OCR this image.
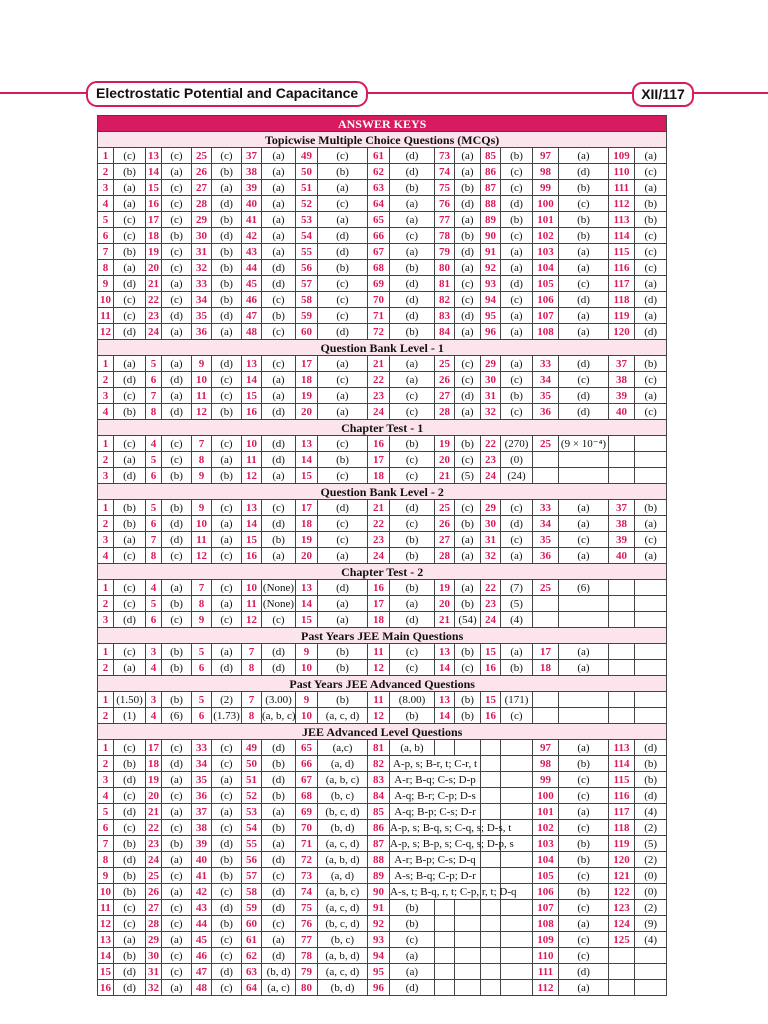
Electrostatic Potential and Capacitance	XII/117
ANSWER KEYS																			
Topicwise Multiple Choice Questions (MCQs)																			
1	(c)	13	(c)	25	(c)	37	(a)	49	(c)	61	(d)	73	(a)	85	(b)	97	(a)	109	(a)
2	(b)	14	(a)	26	(b)	38	(a)	50	(b)	62	(d)	74	(a)	86	(c)	98	(d)	110	(c)
3	(a)	15	(c)	27	(a)	39	(a)	51	(a)	63	(b)	75	(b)	87	(c)	99	(b)	111	(a)
4	(a)	16	(c)	28	(d)	40	(a)	52	(c)	64	(a)	76	(d)	88	(d)	100	(c)	112	(b)
5	(c)	17	(c)	29	(b)	41	(a)	53	(a)	65	(a)	77	(a)	89	(b)	101	(b)	113	(b)
6	(c)	18	(b)	30	(d)	42	(a)	54	(d)	66	(c)	78	(b)	90	(c)	102	(b)	114	(c)
7	(b)	19	(c)	31	(b)	43	(a)	55	(d)	67	(a)	79	(d)	91	(a)	103	(a)	115	(c)
8	(a)	20	(c)	32	(b)	44	(d)	56	(b)	68	(b)	80	(a)	92	(a)	104	(a)	116	(c)
9	(d)	21	(a)	33	(b)	45	(d)	57	(c)	69	(d)	81	(c)	93	(d)	105	(c)	117	(a)
10	(c)	22	(c)	34	(b)	46	(c)	58	(c)	70	(d)	82	(c)	94	(c)	106	(d)	118	(d)
11	(c)	23	(d)	35	(d)	47	(b)	59	(c)	71	(d)	83	(d)	95	(a)	107	(a)	119	(a)
12	(d)	24	(a)	36	(a)	48	(c)	60	(d)	72	(b)	84	(a)	96	(a)	108	(a)	120	(d)
Question Bank Level - 1																			
1	(a)	5	(a)	9	(d)	13	(c)	17	(a)	21	(a)	25	(c)	29	(a)	33	(d)	37	(b)
2	(d)	6	(d)	10	(c)	14	(a)	18	(c)	22	(a)	26	(c)	30	(c)	34	(c)	38	(c)
3	(c)	7	(a)	11	(c)	15	(a)	19	(a)	23	(c)	27	(d)	31	(b)	35	(d)	39	(a)
4	(b)	8	(d)	12	(b)	16	(d)	20	(a)	24	(c)	28	(a)	32	(c)	36	(d)	40	(c)
Chapter Test - 1																			
1	(c)	4	(c)	7	(c)	10	(d)	13	(c)	16	(b)	19	(b)	22	(270)	25	(9 × 10⁻⁴)		
2	(a)	5	(c)	8	(a)	11	(d)	14	(b)	17	(c)	20	(c)	23	(0)				
3	(d)	6	(b)	9	(b)	12	(a)	15	(c)	18	(c)	21	(5)	24	(24)				
Question Bank Level - 2																			
1	(b)	5	(b)	9	(c)	13	(c)	17	(d)	21	(d)	25	(c)	29	(c)	33	(a)	37	(b)
2	(b)	6	(d)	10	(a)	14	(d)	18	(c)	22	(c)	26	(b)	30	(d)	34	(a)	38	(a)
3	(a)	7	(d)	11	(a)	15	(b)	19	(c)	23	(b)	27	(a)	31	(c)	35	(c)	39	(c)
4	(c)	8	(c)	12	(c)	16	(a)	20	(a)	24	(b)	28	(a)	32	(a)	36	(a)	40	(a)
Chapter Test - 2																			
1	(c)	4	(a)	7	(c)	10	(None)	13	(d)	16	(b)	19	(a)	22	(7)	25	(6)		
2	(c)	5	(b)	8	(a)	11	(None)	14	(a)	17	(a)	20	(b)	23	(5)				
3	(d)	6	(c)	9	(c)	12	(c)	15	(a)	18	(d)	21	(54)	24	(4)				
Past Years JEE Main Questions																			
1	(c)	3	(b)	5	(a)	7	(d)	9	(b)	11	(c)	13	(b)	15	(a)	17	(a)		
2	(a)	4	(b)	6	(d)	8	(d)	10	(b)	12	(c)	14	(c)	16	(b)	18	(a)		
Past Years JEE Advanced Questions																			
1	(1.50)	3	(b)	5	(2)	7	(3.00)	9	(b)	11	(8.00)	13	(b)	15	(171)				
2	(1)	4	(6)	6	(1.73)	8	(a, b, c)	10	(a, c, d)	12	(b)	14	(b)	16	(c)				
JEE Advanced Level Questions																			
1	(c)	17	(c)	33	(c)	49	(d)	65	(a,c)	81	(a, b)					97	(a)	113	(d)
2	(b)	18	(d)	34	(c)	50	(b)	66	(a, d)	82	A-p, s; B-r, t; C-r, t					98	(b)	114	(b)
3	(d)	19	(a)	35	(a)	51	(d)	67	(a, b, c)	83	A-r; B-q; C-s; D-p					99	(c)	115	(b)
4	(c)	20	(c)	36	(c)	52	(b)	68	(b, c)	84	A-q; B-r; C-p; D-s					100	(c)	116	(d)
5	(d)	21	(a)	37	(a)	53	(a)	69	(b, c, d)	85	A-q; B-p; C-s; D-r					101	(a)	117	(4)
6	(c)	22	(c)	38	(c)	54	(b)	70	(b, d)	86	A-p, s; B-q, s; C-q, s; D-s, t					102	(c)	118	(2)
7	(b)	23	(b)	39	(d)	55	(a)	71	(a, c, d)	87	A-p, s; B-p, s; C-q, s; D-p, s					103	(b)	119	(5)
8	(d)	24	(a)	40	(b)	56	(d)	72	(a, b, d)	88	A-r; B-p; C-s; D-q					104	(b)	120	(2)
9	(b)	25	(c)	41	(b)	57	(c)	73	(a, d)	89	A-s; B-q; C-p; D-r					105	(c)	121	(0)
10	(b)	26	(a)	42	(c)	58	(d)	74	(a, b, c)	90	A-s, t; B-q, r, t; C-p, r, t; D-q					106	(b)	122	(0)
11	(c)	27	(c)	43	(d)	59	(d)	75	(a, c, d)	91	(b)					107	(c)	123	(2)
12	(c)	28	(c)	44	(b)	60	(c)	76	(b, c, d)	92	(b)					108	(a)	124	(9)
13	(a)	29	(a)	45	(c)	61	(a)	77	(b, c)	93	(c)					109	(c)	125	(4)
14	(b)	30	(c)	46	(c)	62	(d)	78	(a, b, d)	94	(a)					110	(c)		
15	(d)	31	(c)	47	(d)	63	(b, d)	79	(a, c, d)	95	(a)					111	(d)		
16	(d)	32	(a)	48	(c)	64	(a, c)	80	(b, d)	96	(d)					112	(a)		
